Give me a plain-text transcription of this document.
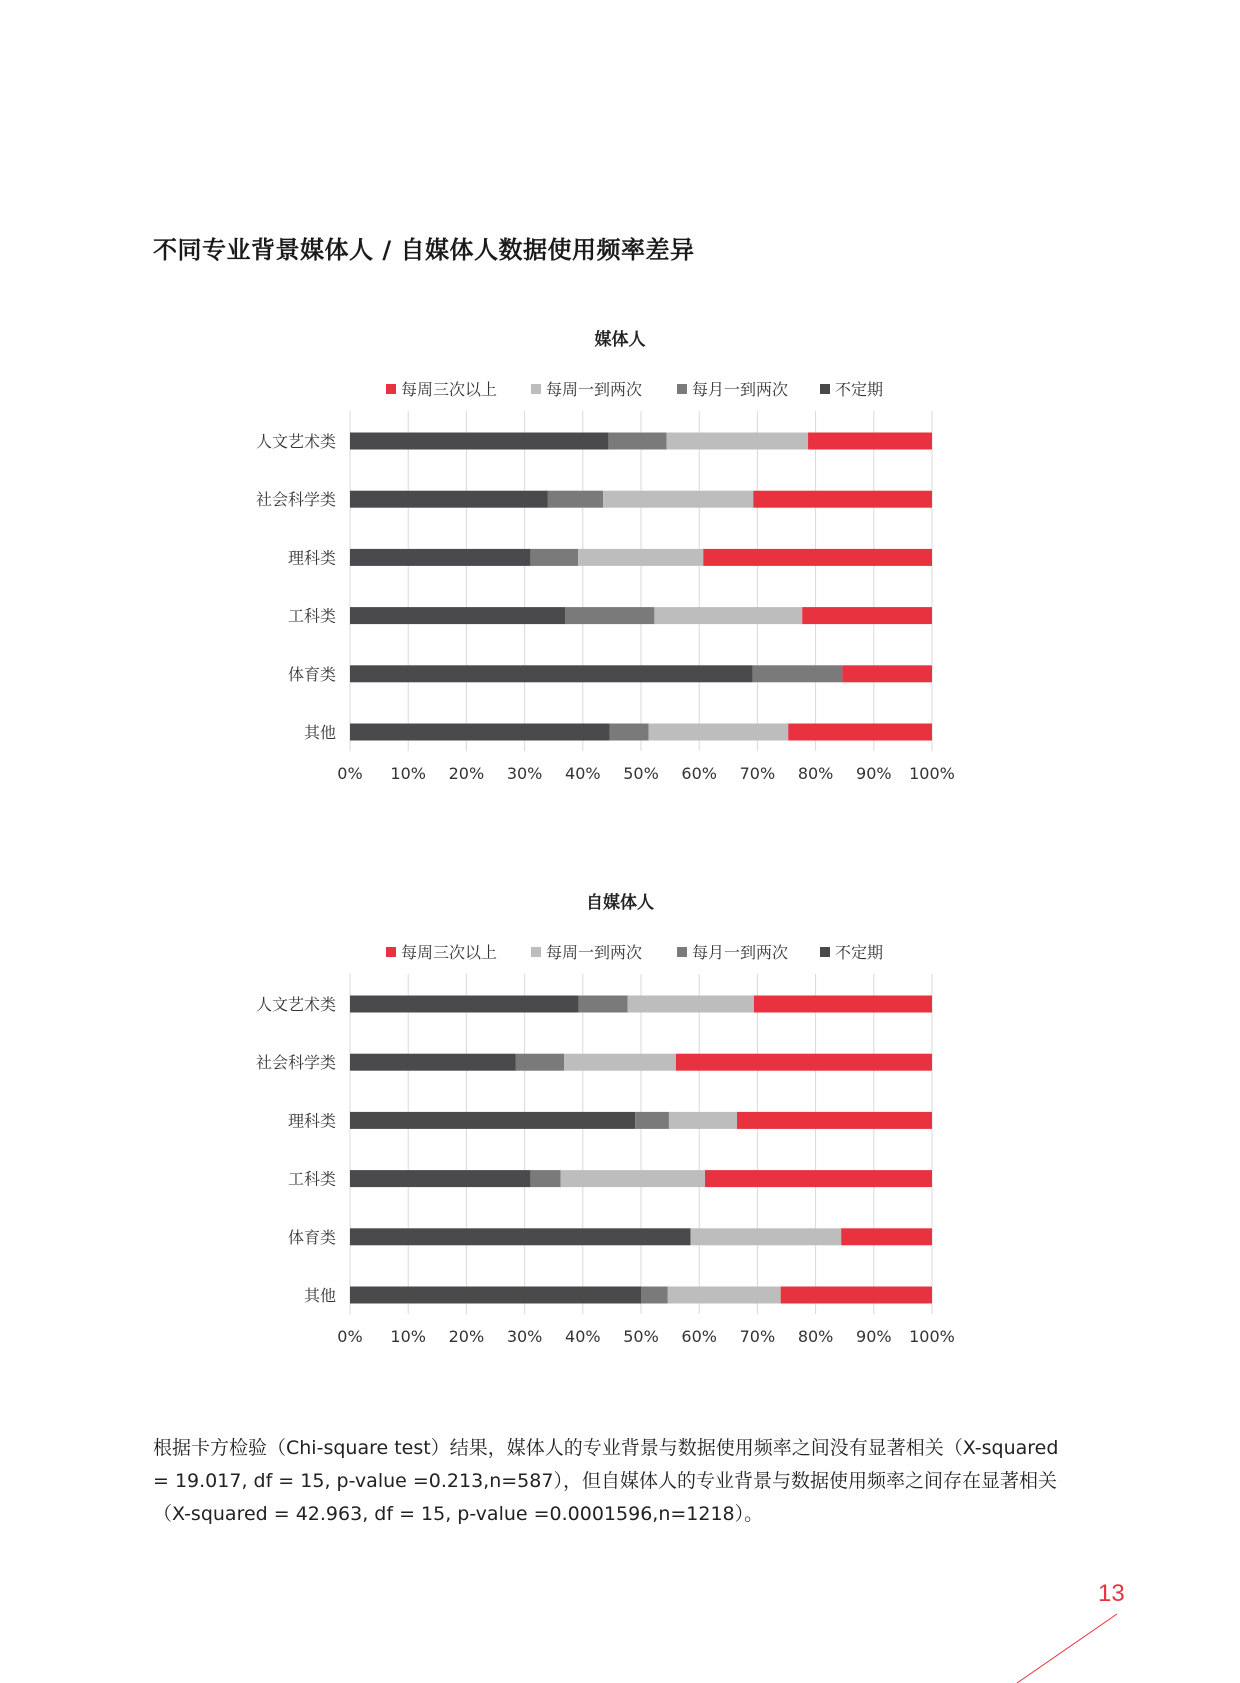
不同专业背景媒体人 / 自媒体人数据使用频率差异
媒体人
每周三次以上	每周一到两次	每月一到两次	不定期
0% 10% 20% 30% 40% 50% 60% 70% 80% 90% 100%
人文艺术类
社会科学类
理科类
工科类
体育类
其他
自媒体人
每周三次以上	每周一到两次	每月一到两次	不定期
0% 10% 20% 30% 40% 50% 60% 70% 80% 90% 100%
人文艺术类
社会科学类
理科类
工科类
体育类
其他

根据卡方检验（Chi-square test）结果，媒体人的专业背景与数据使用频率之间没有显著相关（X-squared = 19.017, df = 15, p-value =0.213,n=587），但自媒体人的专业背景与数据使用频率之间存在显著相关（X-squared = 42.963, df = 15, p-value =0.0001596,n=1218）。

13
